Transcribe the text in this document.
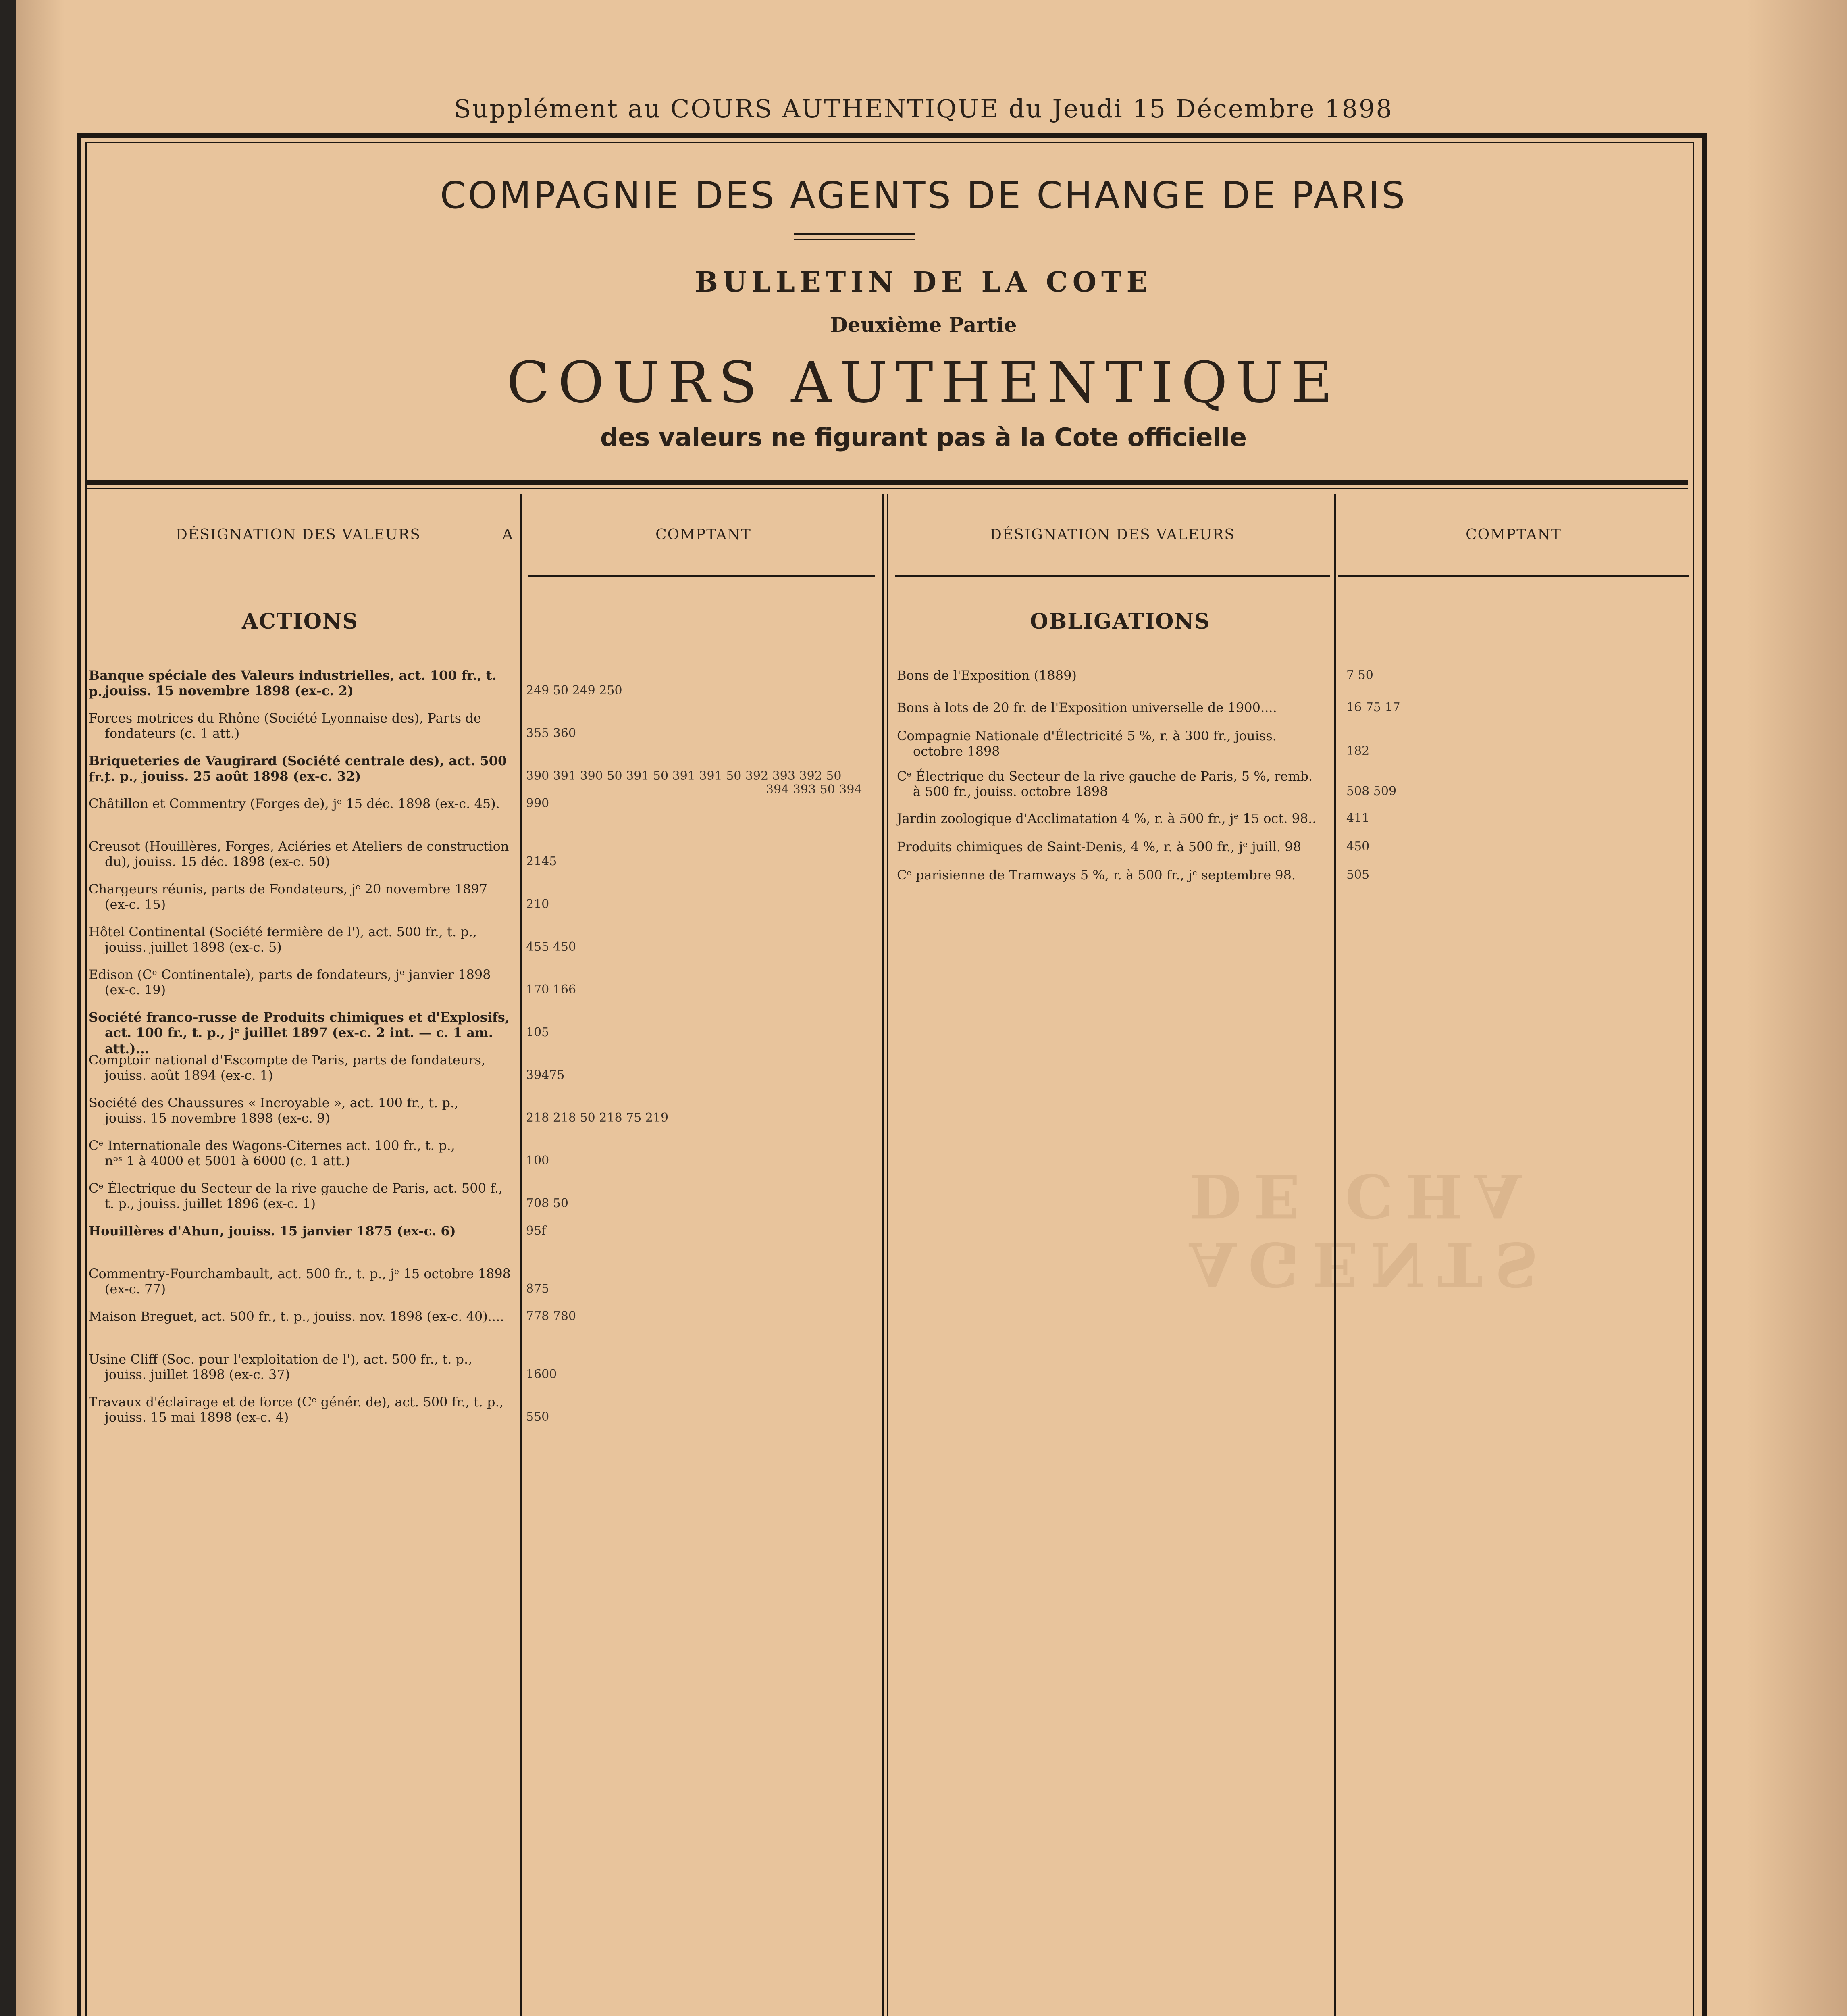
AGENTS DE CHA
Supplément au COURS AUTHENTIQUE du Jeudi 15 Décembre 1898
COMPAGNIE DES AGENTS DE CHANGE DE PARIS
BULLETIN DE LA COTE
Deuxième Partie
COURS AUTHENTIQUE
des valeurs ne figurant pas à la Cote officielle
DÉSIGNATION DES VALEURS	A	COMPTANT	DÉSIGNATION DES VALEURS	COMPTANT
ACTIONS	OBLIGATIONS
Banque spéciale des Valeurs industrielles, act. 100 fr., t. p.,
jouiss. 15 novembre 1898 (ex-c. 2)	249 50 249 250
Forces motrices du Rhône (Société Lyonnaise des), Parts de
fondateurs (c. 1 att.)	355 360
Briqueteries de Vaugirard (Société centrale des), act. 500 fr.,
t. p., jouiss. 25 août 1898 (ex-c. 32)	390 391 390 50 391 50 391 391 50 392 393 392 50
394 393 50 394
Châtillon et Commentry (Forges de), jᵉ 15 déc. 1898 (ex-c. 45).	990
Creusot (Houillères, Forges, Aciéries et Ateliers de construction
du), jouiss. 15 déc. 1898 (ex-c. 50)	2145
Chargeurs réunis, parts de Fondateurs, jᵉ 20 novembre 1897
(ex-c. 15)	210
Hôtel Continental (Société fermière de l'), act. 500 fr., t. p.,
jouiss. juillet 1898 (ex-c. 5)	455 450
Edison (Cᵉ Continentale), parts de fondateurs, jᵉ janvier 1898
(ex-c. 19)	170 166
Société franco-russe de Produits chimiques et d'Explosifs,
act. 100 fr., t. p., jᵉ juillet 1897 (ex-c. 2 int. — c. 1 am. att.)...
105
Comptoir national d'Escompte de Paris, parts de fondateurs,
jouiss. août 1894 (ex-c. 1)	39475
Société des Chaussures « Incroyable », act. 100 fr., t. p.,
jouiss. 15 novembre 1898 (ex-c. 9)	218 218 50 218 75 219
Cᵉ Internationale des Wagons-Citernes act. 100 fr., t. p.,
nᵒˢ 1 à 4000 et 5001 à 6000 (c. 1 att.)	100
Cᵉ Électrique du Secteur de la rive gauche de Paris, act. 500 f.,
t. p., jouiss. juillet 1896 (ex-c. 1)	708 50
Houillères d'Ahun, jouiss. 15 janvier 1875 (ex-c. 6)	95f
Commentry-Fourchambault, act. 500 fr., t. p., jᵉ 15 octobre 1898
(ex-c. 77)	875
Maison Breguet, act. 500 fr., t. p., jouiss. nov. 1898 (ex-c. 40)....	778 780
Usine Cliff (Soc. pour l'exploitation de l'), act. 500 fr., t. p.,
jouiss. juillet 1898 (ex-c. 37)	1600
Travaux d'éclairage et de force (Cᵉ génér. de), act. 500 fr., t. p.,
jouiss. 15 mai 1898 (ex-c. 4)	550
Bons de l'Exposition (1889)	7 50
Bons à lots de 20 fr. de l'Exposition universelle de 1900....	16 75 17
Compagnie Nationale d'Électricité 5 %, r. à 300 fr., jouiss.
octobre 1898	182
Cᵉ Électrique du Secteur de la rive gauche de Paris, 5 %, remb.
à 500 fr., jouiss. octobre 1898	508 509
Jardin zoologique d'Acclimatation 4 %, r. à 500 fr., jᵉ 15 oct. 98..	411
Produits chimiques de Saint-Denis, 4 %, r. à 500 fr., jᵉ juill. 98	450
Cᵉ parisienne de Tramways 5 %, r. à 500 fr., jᵉ septembre 98.	505
